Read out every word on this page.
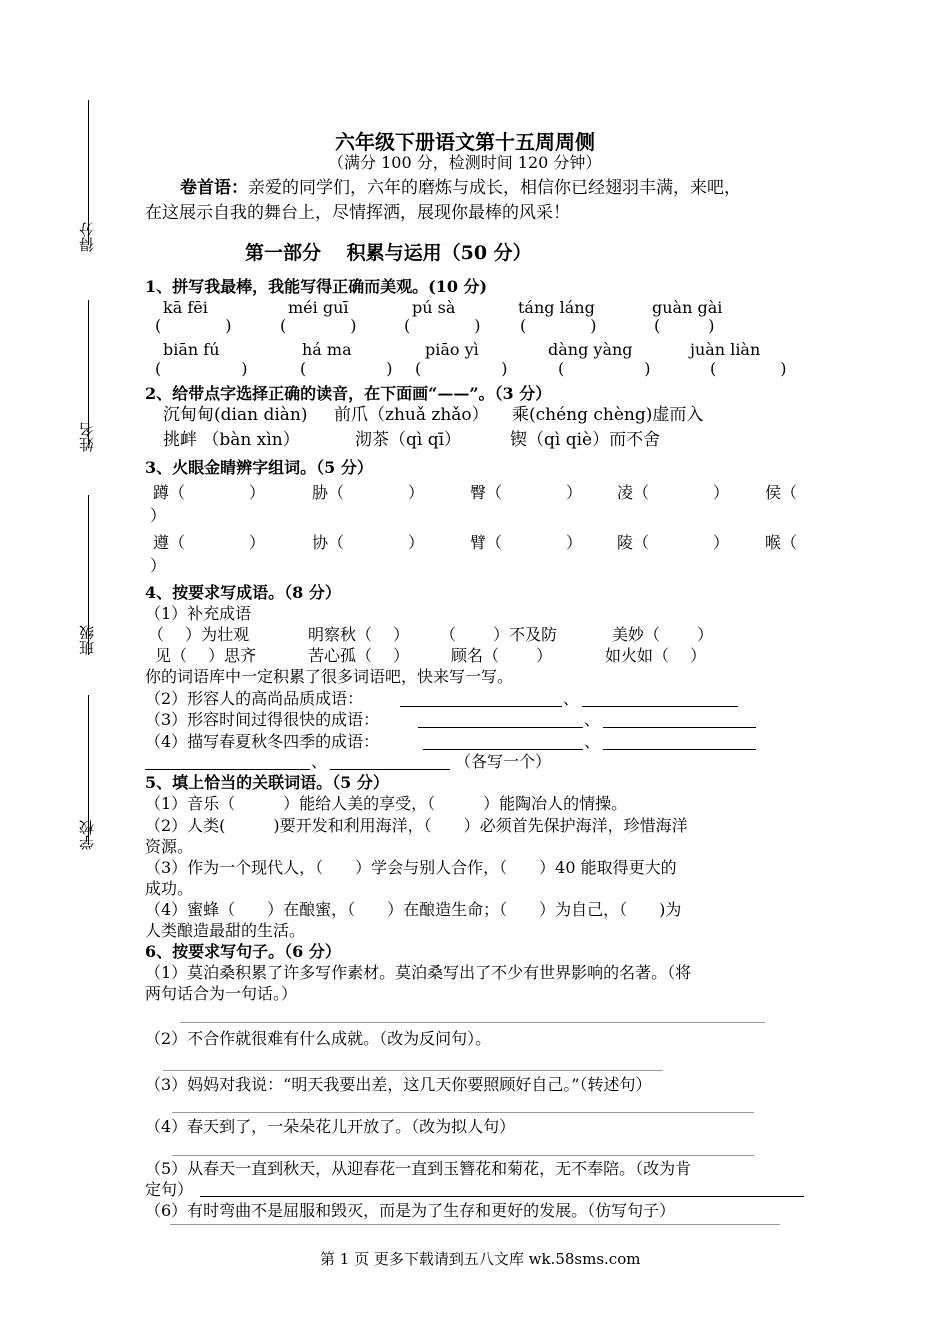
得分
姓名
班级
学校
六年级下册语文第十五周周侧
（满分 100 分，检测时间 120 分钟）
卷首语：亲爱的同学们，六年的磨炼与成长，相信你已经翅羽丰满，来吧，
在这展示自我的舞台上，尽情挥洒，展现你最棒的风采！
第一部分　 积累与运用（50 分）
1、拼写我最棒，我能写得正确而美观。(10 分)
kā fēi	méi guī	pú sà	táng láng	guàn gài
(　　　　)	(　　　　)	(　　　　) (　　　　)	(　　　)
biān fú	há ma	piāo yì	dàng yàng	juàn liàn
(　　　　　)	(　　　　　) (　　　　　)	(　　　　　)	(　　　　)
2、给带点字选择正确的读音，在下面画“——”。（3 分）
沉甸甸(dian diàn) 前爪（zhuǎ zhǎo） 乘(chéng chèng)虚而入
挑衅 （bàn xìn）	沏茶（qì qī）	锲（qì qiè）而不舍
3、火眼金睛辨字组词。（5 分）
蹲（　　　　）	胁（　　　　）	臀（　　　　） 凌（　　　　） 侯（
）
遵（　　　　）	协（　　　　）	臂（　　　　） 陵（　　　　） 喉（
）
4、按要求写成语。（8 分）
（1）补充成语
（　 ）为壮观	明察秋（　 ） （　　 ）不及防	美妙（　　 ）
见（　 ）思齐	苦心孤（　 ）	顾名（　　 ）	如火如（　 ）
你的词语库中一定积累了很多词语吧，快来写一写。
（2）形容人的高尚品质成语：	、
（3）形容时间过得很快的成语：	、
（4）描写春夏秋冬四季的成语：	、
、	（各写一个）
5、填上恰当的关联词语。（5 分）
（1）音乐（　　　）能给人美的享受，（　　　）能陶冶人的情操。
（2）人类(　　　)要开发和利用海洋，（　　）必须首先保护海洋，珍惜海洋
资源。
（3）作为一个现代人，（　　）学会与别人合作，（　　）40 能取得更大的
成功。
（4）蜜蜂（　　）在酿蜜，（　　）在酿造生命；（　　）为自己，（　　)为
人类酿造最甜的生活。
6、按要求写句子。（6 分）
（1）莫泊桑积累了许多写作素材。莫泊桑写出了不少有世界影响的名著。（将
两句话合为一句话。）
（2）不合作就很难有什么成就。（改为反问句）。
（3）妈妈对我说：“明天我要出差，这几天你要照顾好自己。”（转述句）
（4）春天到了，一朵朵花儿开放了。（改为拟人句）
（5）从春天一直到秋天，从迎春花一直到玉簪花和菊花，无不奉陪。（改为肯
定句）
（6）有时弯曲不是屈服和毁灭，而是为了生存和更好的发展。（仿写句子）
第 1 页 更多下载请到五八文库 wk.58sms.com
